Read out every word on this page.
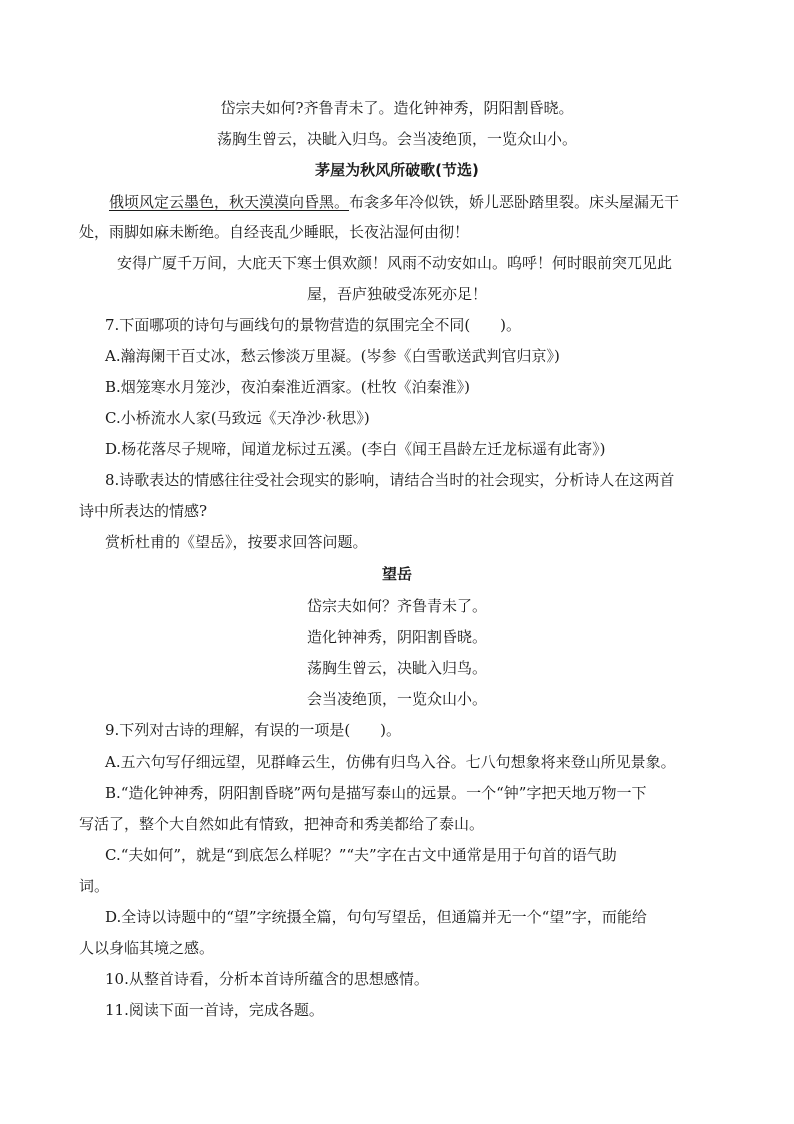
岱宗夫如何?齐鲁青未了。造化钟神秀，阴阳割昏晓。
荡胸生曾云，决眦入归鸟。会当凌绝顶，一览众山小。
茅屋为秋风所破歌(节选)
俄顷风定云墨色，秋天漠漠向昏黑。布衾多年冷似铁，娇儿恶卧踏里裂。床头屋漏无干
处，雨脚如麻未断绝。自经丧乱少睡眠，长夜沾湿何由彻！
安得广厦千万间，大庇天下寒士俱欢颜！风雨不动安如山。呜呼！何时眼前突兀见此
屋，吾庐独破受冻死亦足！
7.下面哪项的诗句与画线句的景物营造的氛围完全不同(　　)。
A.瀚海阑干百丈冰，愁云惨淡万里凝。(岑参《白雪歌送武判官归京》)
B.烟笼寒水月笼沙，夜泊秦淮近酒家。(杜牧《泊秦淮》)
C.小桥流水人家(马致远《天净沙·秋思》)
D.杨花落尽子规啼，闻道龙标过五溪。(李白《闻王昌龄左迁龙标遥有此寄》)
8.诗歌表达的情感往往受社会现实的影响，请结合当时的社会现实，分析诗人在这两首
诗中所表达的情感?
赏析杜甫的《望岳》，按要求回答问题。
望岳
岱宗夫如何？齐鲁青未了。
造化钟神秀，阴阳割昏晓。
荡胸生曾云，决眦入归鸟。
会当凌绝顶，一览众山小。
9.下列对古诗的理解，有误的一项是(　　)。
A.五六句写仔细远望，见群峰云生，仿佛有归鸟入谷。七八句想象将来登山所见景象。
B.“造化钟神秀，阴阳割昏晓”两句是描写泰山的远景。一个“钟”字把天地万物一下
写活了，整个大自然如此有情致，把神奇和秀美都给了泰山。
C.“夫如何”，就是“到底怎么样呢？”“夫”字在古文中通常是用于句首的语气助
词。
D.全诗以诗题中的“望”字统摄全篇，句句写望岳，但通篇并无一个“望”字，而能给
人以身临其境之感。
10.从整首诗看，分析本首诗所蕴含的思想感情。
11.阅读下面一首诗，完成各题。
